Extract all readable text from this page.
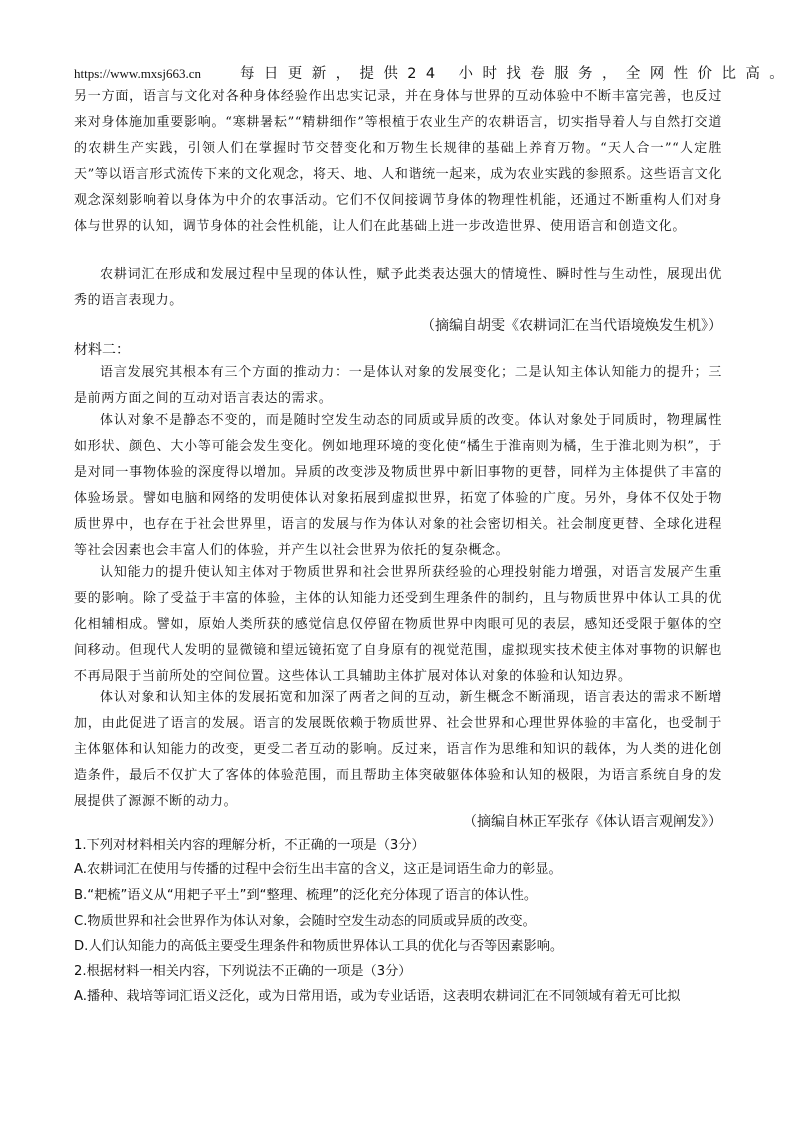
https://www.mxsj663.cn	每日更新，提供24 小时找卷服务，全网性价比高。
另一方面，语言与文化对各种身体经验作出忠实记录，并在身体与世界的互动体验中不断丰富完善，也反过来对身体施加重要影响。“寒耕暑耘”“精耕细作”等根植于农业生产的农耕语言，切实指导着人与自然打交道的农耕生产实践，引领人们在掌握时节交替变化和万物生长规律的基础上养育万物。“天人合一”“人定胜天”等以语言形式流传下来的文化观念，将天、地、人和谐统一起来，成为农业实践的参照系。这些语言文化观念深刻影响着以身体为中介的农事活动。它们不仅间接调节身体的物理性机能，还通过不断重构人们对身体与世界的认知，调节身体的社会性机能，让人们在此基础上进一步改造世界、使用语言和创造文化。
农耕词汇在形成和发展过程中呈现的体认性，赋予此类表达强大的情境性、瞬时性与生动性，展现出优秀的语言表现力。
（摘编自胡雯《农耕词汇在当代语境焕发生机》）
材料二：
语言发展究其根本有三个方面的推动力：一是体认对象的发展变化；二是认知主体认知能力的提升；三是前两方面之间的互动对语言表达的需求。
体认对象不是静态不变的，而是随时空发生动态的同质或异质的改变。体认对象处于同质时，物理属性如形状、颜色、大小等可能会发生变化。例如地理环境的变化使“橘生于淮南则为橘，生于淮北则为枳”，于是对同一事物体验的深度得以增加。异质的改变涉及物质世界中新旧事物的更替，同样为主体提供了丰富的体验场景。譬如电脑和网络的发明使体认对象拓展到虚拟世界，拓宽了体验的广度。另外，身体不仅处于物质世界中，也存在于社会世界里，语言的发展与作为体认对象的社会密切相关。社会制度更替、全球化进程等社会因素也会丰富人们的体验，并产生以社会世界为依托的复杂概念。
认知能力的提升使认知主体对于物质世界和社会世界所获经验的心理投射能力增强，对语言发展产生重要的影响。除了受益于丰富的体验，主体的认知能力还受到生理条件的制约，且与物质世界中体认工具的优化相辅相成。譬如，原始人类所获的感觉信息仅停留在物质世界中肉眼可见的表层，感知还受限于躯体的空间移动。但现代人发明的显微镜和望远镜拓宽了自身原有的视觉范围，虚拟现实技术使主体对事物的识解也不再局限于当前所处的空间位置。这些体认工具辅助主体扩展对体认对象的体验和认知边界。
体认对象和认知主体的发展拓宽和加深了两者之间的互动，新生概念不断涌现，语言表达的需求不断增加，由此促进了语言的发展。语言的发展既依赖于物质世界、社会世界和心理世界体验的丰富化，也受制于主体躯体和认知能力的改变，更受二者互动的影响。反过来，语言作为思维和知识的载体，为人类的进化创造条件，最后不仅扩大了客体的体验范围，而且帮助主体突破躯体体验和认知的极限，为语言系统自身的发展提供了源源不断的动力。
（摘编自林正军张存《体认语言观阐发》）
1.下列对材料相关内容的理解分析，不正确的一项是（3分）
A.农耕词汇在使用与传播的过程中会衍生出丰富的含义，这正是词语生命力的彰显。
B.“耙梳”语义从“用耙子平土”到“整理、梳理”的泛化充分体现了语言的体认性。
C.物质世界和社会世界作为体认对象，会随时空发生动态的同质或异质的改变。
D.人们认知能力的高低主要受生理条件和物质世界体认工具的优化与否等因素影响。
2.根据材料一相关内容，下列说法不正确的一项是（3分）
A.播种、栽培等词汇语义泛化，或为日常用语，或为专业话语，这表明农耕词汇在不同领域有着无可比拟
